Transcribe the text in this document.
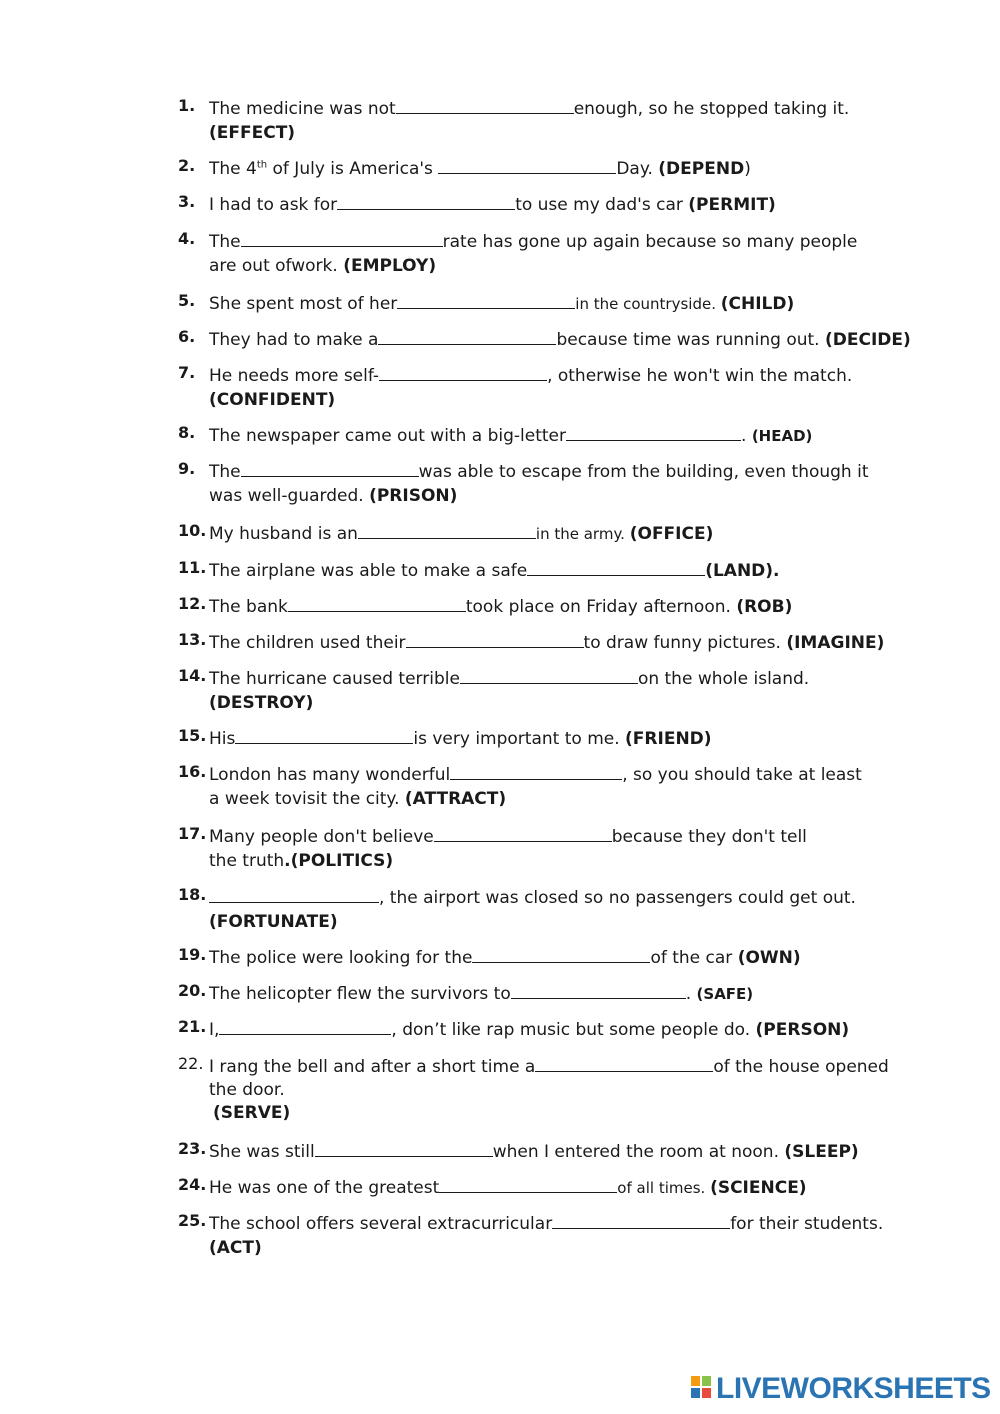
1. The medicine was not	enough, so he stopped taking it.
(EFFECT)
2. The 4th of July is America's	Day. (DEPEND)
3. I had to ask for	to use my dad's car (PERMIT)
4. The	rate has gone up again because so many people
are out ofwork. (EMPLOY)
5. She spent most of her	in the countryside. (CHILD)
6. They had to make a	because time was running out. (DECIDE)
7. He needs more self-	, otherwise he won't win the match.
(CONFIDENT)
8. The newspaper came out with a big-letter	. (HEAD)
9. The	was able to escape from the building, even though it
was well-guarded. (PRISON)
10. My husband is an	in the army. (OFFICE)
11. The airplane was able to make a safe	(LAND).
12. The bank	took place on Friday afternoon. (ROB)
13. The children used their	to draw funny pictures. (IMAGINE)
14. The hurricane caused terrible	on the whole island.
(DESTROY)
15. His	is very important to me. (FRIEND)
16. London has many wonderful	, so you should take at least
a week tovisit the city. (ATTRACT)
17. Many people don't believe	because they don't tell
the truth.(POLITICS)
18.	, the airport was closed so no passengers could get out.
(FORTUNATE)
19. The police were looking for the	of the car (OWN)
20. The helicopter flew the survivors to	. (SAFE)
21. I,	, don’t like rap music but some people do. (PERSON)
22. I rang the bell and after a short time a	of the house opened
the door.
(SERVE)
23. She was still	when I entered the room at noon. (SLEEP)
24. He was one of the greatest	of all times. (SCIENCE)
25. The school offers several extracurricular	for their students.
(ACT)
LIVEWORKSHEETS
